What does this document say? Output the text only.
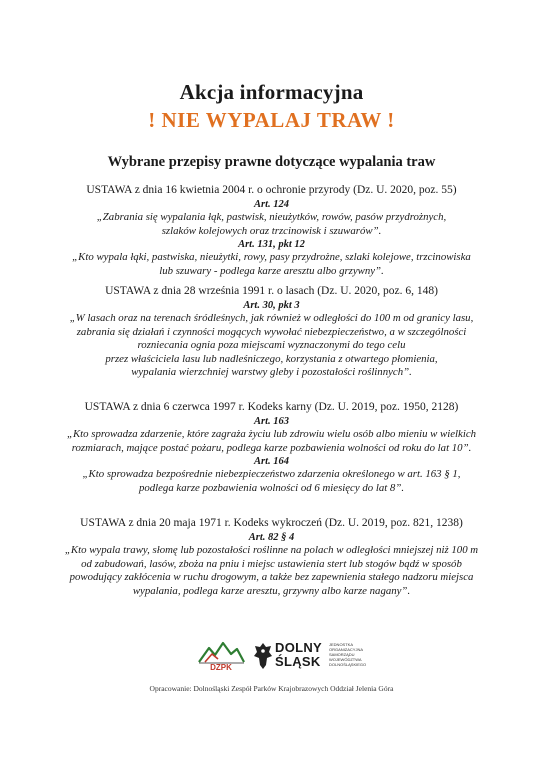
Akcja informacyjna
! NIE WYPALAJ TRAW !
Wybrane przepisy prawne dotyczące wypalania traw
USTAWA z dnia 16 kwietnia 2004 r. o ochronie przyrody (Dz. U. 2020, poz. 55)
Art. 124
„Zabrania się wypalania łąk, pastwisk, nieużytków, rowów, pasów przydrożnych,
szlaków kolejowych oraz trzcinowisk i szuwarów”.
Art. 131, pkt 12
„Kto wypala łąki, pastwiska, nieużytki, rowy, pasy przydrożne, szlaki kolejowe, trzcinowiska
lub szuwary - podlega karze aresztu albo grzywny”.
USTAWA z dnia 28 września 1991 r. o lasach (Dz. U. 2020, poz. 6, 148)
Art. 30, pkt 3
„W lasach oraz na terenach śródleśnych, jak również w odległości do 100 m od granicy lasu,
zabrania się działań i czynności mogących wywołać niebezpieczeństwo, a w szczególności
rozniecania ognia poza miejscami wyznaczonymi do tego celu
przez właściciela lasu lub nadleśniczego, korzystania z otwartego płomienia,
wypalania wierzchniej warstwy gleby i pozostałości roślinnych”.
USTAWA z dnia 6 czerwca 1997 r. Kodeks karny (Dz. U. 2019, poz. 1950, 2128)
Art. 163
„Kto sprowadza zdarzenie, które zagraża życiu lub zdrowiu wielu osób albo mieniu w wielkich
rozmiarach, mające postać pożaru, podlega karze pozbawienia wolności od roku do lat 10”.
Art. 164
„Kto sprowadza bezpośrednie niebezpieczeństwo zdarzenia określonego w art. 163 § 1,
podlega karze pozbawienia wolności od 6 miesięcy do lat 8”.
USTAWA z dnia 20 maja 1971 r. Kodeks wykroczeń (Dz. U. 2019, poz. 821, 1238)
Art. 82 § 4
„Kto wypala trawy, słomę lub pozostałości roślinne na polach w odległości mniejszej niż 100 m
od zabudowań, lasów, zboża na pniu i miejsc ustawienia stert lub stogów bądź w sposób
powodujący zakłócenia w ruchu drogowym, a także bez zapewnienia stałego nadzoru miejsca
wypalania, podlega karze aresztu, grzywny albo karze nagany”.
DZPK
DOLNY
ŚLĄSK
JEDNOSTKA ORGANIZACYJNA SAMORZĄDU WOJEWÓDZTWA DOLNOŚLĄSKIEGO
Opracowanie: Dolnośląski Zespół Parków Krajobrazowych Oddział Jelenia Góra
